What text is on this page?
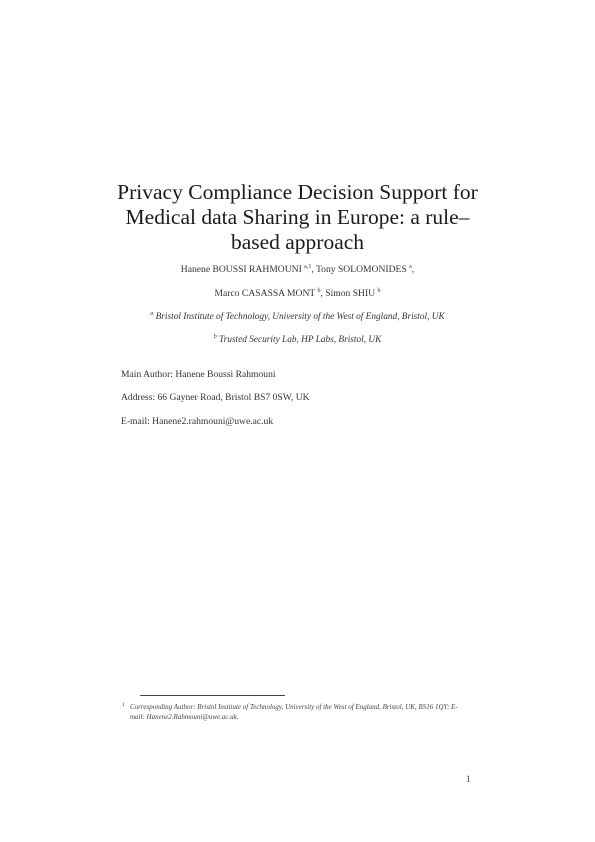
Privacy Compliance Decision Support for
Medical data Sharing in Europe: a rule–
based approach
Hanene BOUSSI RAHMOUNI $^{a,1}$, Tony SOLOMONIDES $^a$,
Marco CASASSA MONT $^b$, Simon SHIU $^b$
$^a$ Bristol Institute of Technology, University of the West of England, Bristol, UK
$^b$ Trusted Security Lab, HP Labs, Bristol, UK
Main Author: Hanene Boussi Rahmouni
Address: 66 Gayner Road, Bristol BS7 0SW, UK
E-mail: Hanene2.rahmouni@uwe.ac.uk
1 Corresponding Author: Bristol Institute of Technology, University of the West of England, Bristol, UK, BS16 1QY; E-mail: Hanene2.Rahmouni@uwe.ac.uk.
1
